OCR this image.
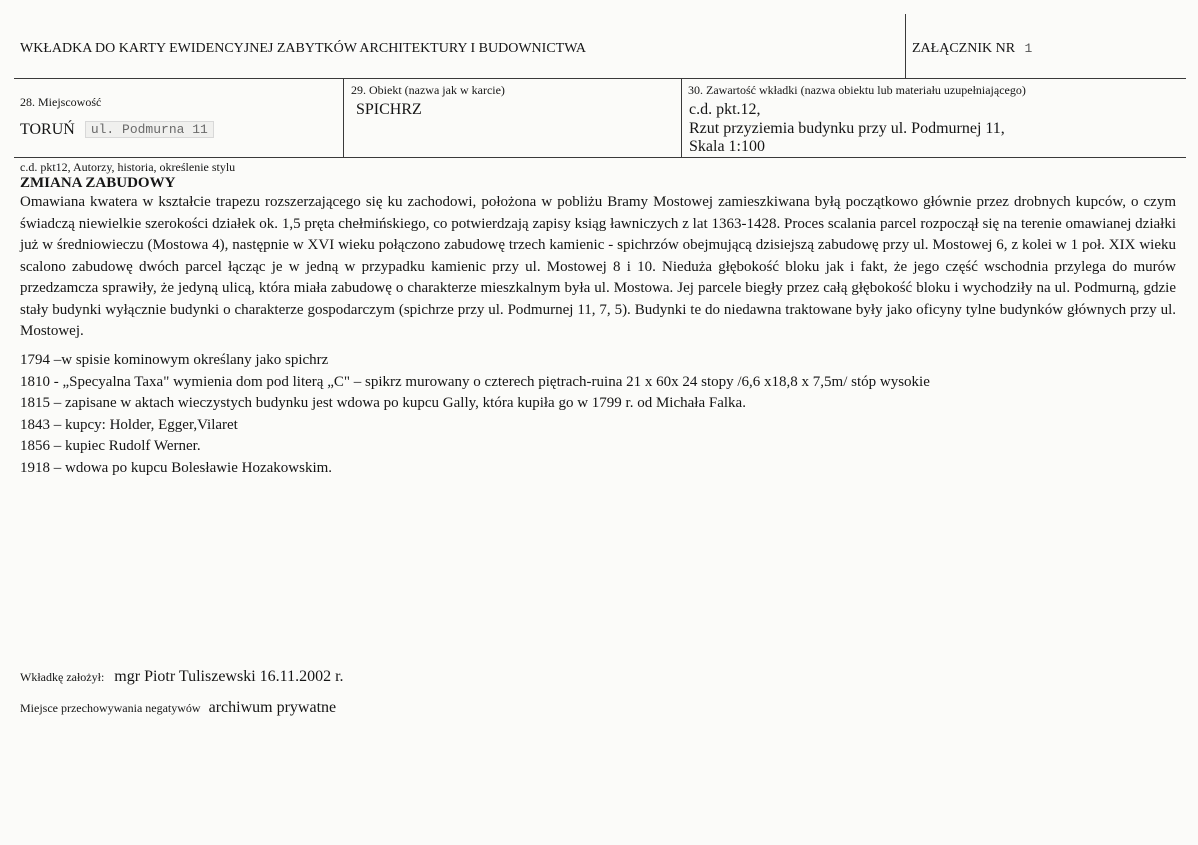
WKŁADKA DO KARTY EWIDENCYJNEJ ZABYTKÓW ARCHITEKTURY I BUDOWNICTWA	ZAŁĄCZNIK NR 1
28. Miejscowość
TORUŃ ul. Podmurna 11
29. Obiekt (nazwa jak w karcie)
SPICHRZ
30. Zawartość wkładki (nazwa obiektu lub materiału uzupełniającego)
c.d. pkt.12,
Rzut przyziemia budynku przy ul. Podmurnej 11,
Skala 1:100
c.d. pkt12, Autorzy, historia, określenie stylu
ZMIANA ZABUDOWY

Omawiana kwatera w kształcie trapezu rozszerzającego się ku zachodowi, położona w pobliżu Bramy Mostowej zamieszkiwana byłą początkowo głównie przez drobnych kupców, o czym świadczą niewielkie szerokości działek ok. 1,5 pręta chełmińskiego, co potwierdzają zapisy ksiąg ławniczych z lat 1363-1428. Proces scalania parcel rozpoczął się na terenie omawianej działki już w średniowieczu (Mostowa 4), następnie w XVI wieku połączono zabudowę trzech kamienic - spichrzów obejmującą dzisiejszą zabudowę przy ul. Mostowej 6, z kolei w 1 poł. XIX wieku scalono zabudowę dwóch parcel łącząc je w jedną w przypadku kamienic przy ul. Mostowej 8 i 10. Nieduża głębokość bloku jak i fakt, że jego część wschodnia przylega do murów przedzamcza sprawiły, że jedyną ulicą, która miała zabudowę o charakterze mieszkalnym była ul. Mostowa. Jej parcele biegły przez całą głębokość bloku i wychodziły na ul. Podmurną, gdzie stały budynki wyłącznie budynki o charakterze gospodarczym (spichrze przy ul. Podmurnej 11, 7, 5). Budynki te do niedawna traktowane były jako oficyny tylne budynków głównych przy ul. Mostowej.

1794 –w spisie kominowym określany jako spichrz
1810 - „Specyalna Taxa" wymienia dom pod literą „C" – spikrz murowany o czterech piętrach-ruina 21 x 60x 24 stopy /6,6 x18,8 x 7,5m/ stóp wysokie
1815 – zapisane w aktach wieczystych budynku jest wdowa po kupcu Gally, która kupiła go w 1799 r. od Michała Falka.
1843 – kupcy: Holder, Egger,Vilaret
1856 – kupiec Rudolf Werner.
1918 – wdowa po kupcu Bolesławie Hozakowskim.
Wkładkę założył: mgr Piotr Tuliszewski 16.11.2002 r.
Miejsce przechowywania negatywów archiwum prywatne
